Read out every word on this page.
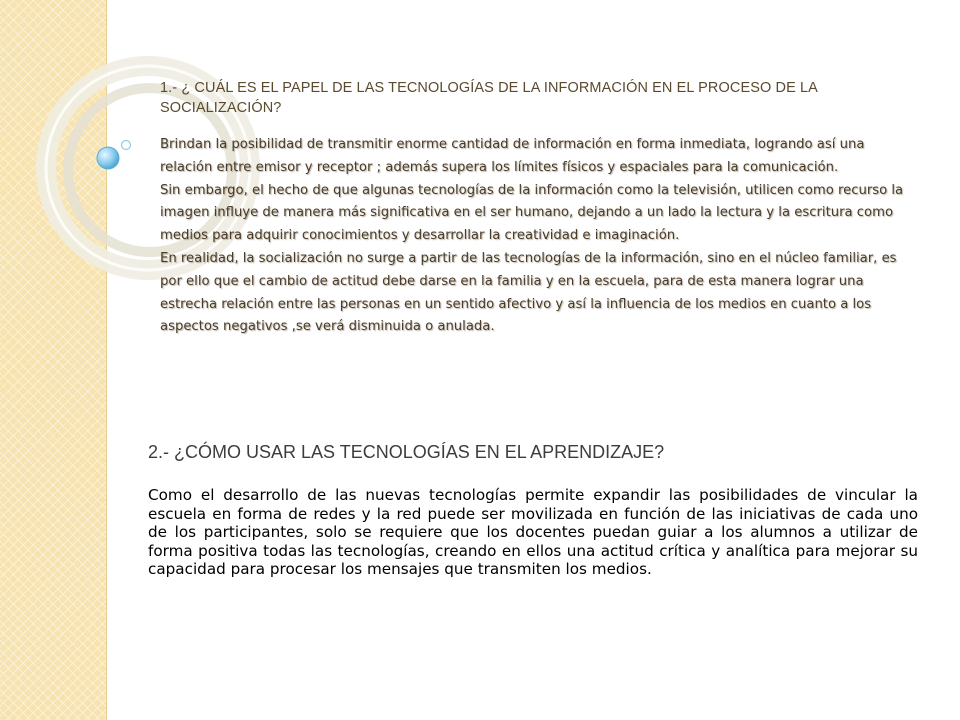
1.- ¿ CUÁL ES EL PAPEL DE LAS TECNOLOGÍAS DE LA INFORMACIÓN EN EL PROCESO DE LA SOCIALIZACIÓN?

Brindan la posibilidad de transmitir enorme cantidad de información en forma inmediata, logrando así una relación entre emisor y receptor ; además supera los límites físicos y espaciales para la comunicación.

Sin embargo, el hecho de que algunas tecnologías de la información como la televisión, utilicen como recurso la imagen influye de manera más significativa en el ser humano, dejando a un lado la lectura y la escritura como medios para adquirir conocimientos y desarrollar la creatividad e imaginación.

En realidad, la socialización no surge a partir de las tecnologías de la información, sino en el núcleo familiar, es por ello que el cambio de actitud debe darse en la familia y en la escuela, para de esta manera lograr una estrecha relación entre las personas en un sentido afectivo y así la influencia de los medios en cuanto a los aspectos negativos ,se verá disminuida o anulada.

2.- ¿CÓMO USAR LAS TECNOLOGÍAS EN EL APRENDIZAJE?
Como el desarrollo de las nuevas tecnologías permite expandir las posibilidades de vincular la escuela en forma de redes y la red puede ser movilizada en función de las iniciativas de cada uno de los participantes, solo se requiere que los docentes puedan guiar a los alumnos a utilizar de forma positiva todas las tecnologías, creando en ellos una actitud crítica y analítica para mejorar su capacidad para procesar los mensajes que transmiten los medios.
